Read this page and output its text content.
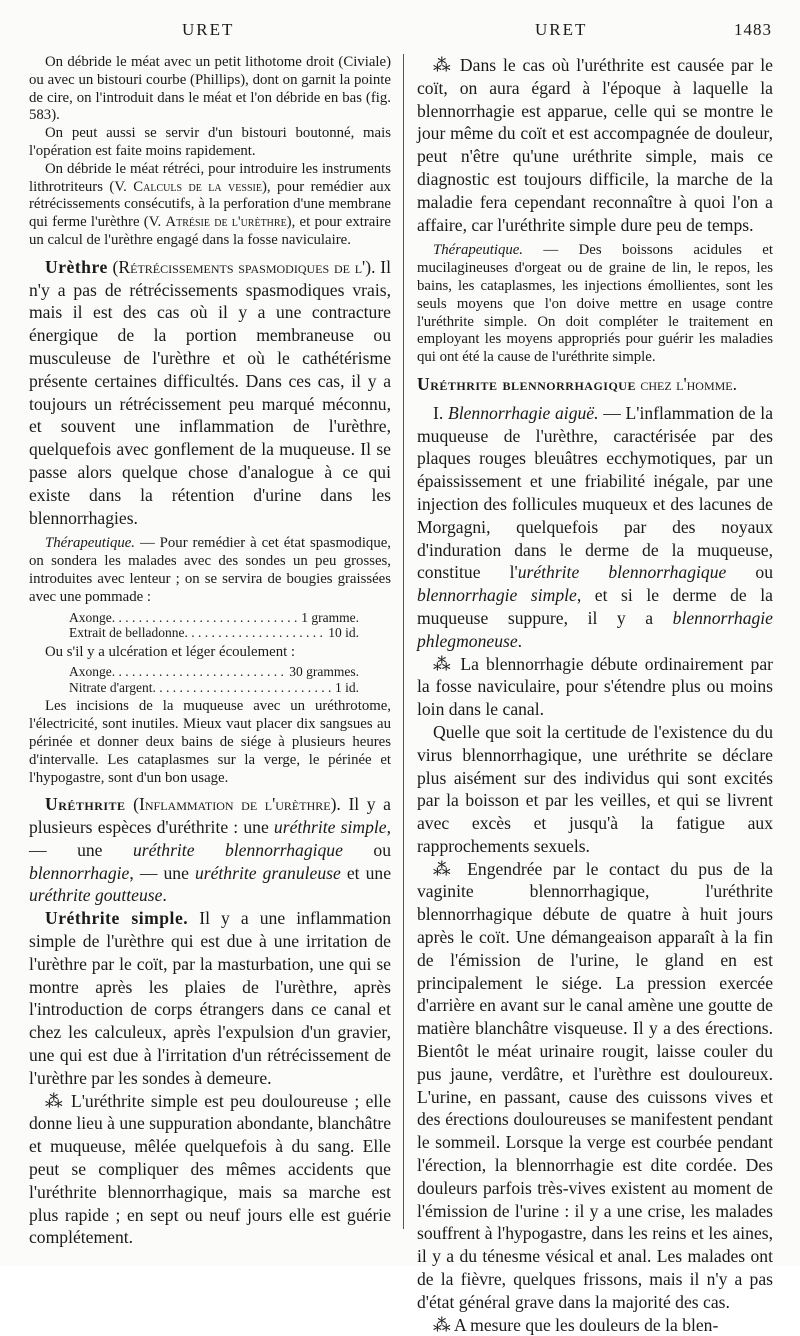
URET	URET	1483

On débride le méat avec un petit lithotome droit (Civiale) ou avec un bistouri courbe (Phillips), dont on garnit la pointe de cire, on l'introduit dans le méat et l'on débride en bas (fig. 583).

On peut aussi se servir d'un bistouri boutonné, mais l'opération est faite moins rapidement.

On débride le méat rétréci, pour introduire les instruments lithrotriteurs (V. Calculs de la vessie), pour remédier aux rétrécissements consécutifs, à la perforation d'une membrane qui ferme l'urèthre (V. Atrésie de l'urèthre), et pour extraire un calcul de l'urèthre engagé dans la fosse naviculaire.

Urèthre (Rétrécissements spasmodiques de l'). Il n'y a pas de rétrécissements spasmodiques vrais, mais il est des cas où il y a une contracture énergique de la portion membraneuse ou musculeuse de l'urèthre et où le cathétérisme présente certaines difficultés. Dans ces cas, il y a toujours un rétrécissement peu marqué méconnu, et souvent une inflammation de l'urèthre, quelquefois avec gonflement de la muqueuse. Il se passe alors quelque chose d'analogue à ce qui existe dans la rétention d'urine dans les blennorrhagies.

Thérapeutique. — Pour remédier à cet état spasmodique, on sondera les malades avec des sondes un peu grosses, introduites avec lenteur ; on se servira de bougies graissées avec une pommade :

Axonge . . .	1 gramme.
Extrait de belladonne . . .	10 id.

Ou s'il y a ulcération et léger écoulement :

Axonge . . .	30 grammes.
Nitrate d'argent . . .	1 id.

Les incisions de la muqueuse avec un uréthrotome, l'électricité, sont inutiles. Mieux vaut placer dix sangsues au périnée et donner deux bains de siége à plusieurs heures d'intervalle. Les cataplasmes sur la verge, le périnée et l'hypogastre, sont d'un bon usage.

Uréthrite (Inflammation de l'urèthre). Il y a plusieurs espèces d'uréthrite : une uréthrite simple, — une uréthrite blennorrhagique ou blennorrhagie, — une uréthrite granuleuse et une uréthrite goutteuse.

Uréthrite simple. Il y a une inflammation simple de l'urèthre qui est due à une irritation de l'urèthre par le coït, par la masturbation, une qui se montre après les plaies de l'urèthre, après l'introduction de corps étrangers dans ce canal et chez les calculeux, après l'expulsion d'un gravier, une qui est due à l'irritation d'un rétrécissement de l'urèthre par les sondes à demeure.

⁂ L'uréthrite simple est peu douloureuse ; elle donne lieu à une suppuration abondante, blanchâtre et muqueuse, mêlée quelquefois à du sang. Elle peut se compliquer des mêmes accidents que l'uréthrite blennorrhagique, mais sa marche est plus rapide ; en sept ou neuf jours elle est guérie complétement.

⁂ Dans le cas où l'uréthrite est causée par le coït, on aura égard à l'époque à laquelle la blennorrhagie est apparue, celle qui se montre le jour même du coït et est accompagnée de douleur, peut n'être qu'une uréthrite simple, mais ce diagnostic est toujours difficile, la marche de la maladie fera cependant reconnaître à quoi l'on a affaire, car l'uréthrite simple dure peu de temps.

Thérapeutique. — Des boissons acidules et mucilagineuses d'orgeat ou de graine de lin, le repos, les bains, les cataplasmes, les injections émollientes, sont les seuls moyens que l'on doive mettre en usage contre l'uréthrite simple. On doit compléter le traitement en employant les moyens appropriés pour guérir les maladies qui ont été la cause de l'uréthrite simple.

Uréthrite blennorrhagique chez l'homme.

I. Blennorrhagie aiguë. — L'inflammation de la muqueuse de l'urèthre, caractérisée par des plaques rouges bleuâtres ecchymotiques, par un épaississement et une friabilité inégale, par une injection des follicules muqueux et des lacunes de Morgagni, quelquefois par des noyaux d'induration dans le derme de la muqueuse, constitue l'uréthrite blennorrhagique ou blennorrhagie simple, et si le derme de la muqueuse suppure, il y a blennorrhagie phlegmoneuse.

⁂ La blennorrhagie débute ordinairement par la fosse naviculaire, pour s'étendre plus ou moins loin dans le canal.

Quelle que soit la certitude de l'existence du du virus blennorrhagique, une uréthrite se déclare plus aisément sur des individus qui sont excités par la boisson et par les veilles, et qui se livrent avec excès et jusqu'à la fatigue aux rapprochements sexuels.

⁂ Engendrée par le contact du pus de la vaginite blennorrhagique, l'uréthrite blennorrhagique débute de quatre à huit jours après le coït. Une démangeaison apparaît à la fin de l'émission de l'urine, le gland en est principalement le siége. La pression exercée d'arrière en avant sur le canal amène une goutte de matière blanchâtre visqueuse. Il y a des érections. Bientôt le méat urinaire rougit, laisse couler du pus jaune, verdâtre, et l'urèthre est douloureux. L'urine, en passant, cause des cuissons vives et des érections douloureuses se manifestent pendant le sommeil. Lorsque la verge est courbée pendant l'érection, la blennorrhagie est dite cordée. Des douleurs parfois très-vives existent au moment de l'émission de l'urine : il y a une crise, les malades souffrent à l'hypogastre, dans les reins et les aines, il y a du ténesme vésical et anal. Les malades ont de la fièvre, quelques frissons, mais il n'y a pas d'état général grave dans la majorité des cas.

⁂ A mesure que les douleurs de la blen-
